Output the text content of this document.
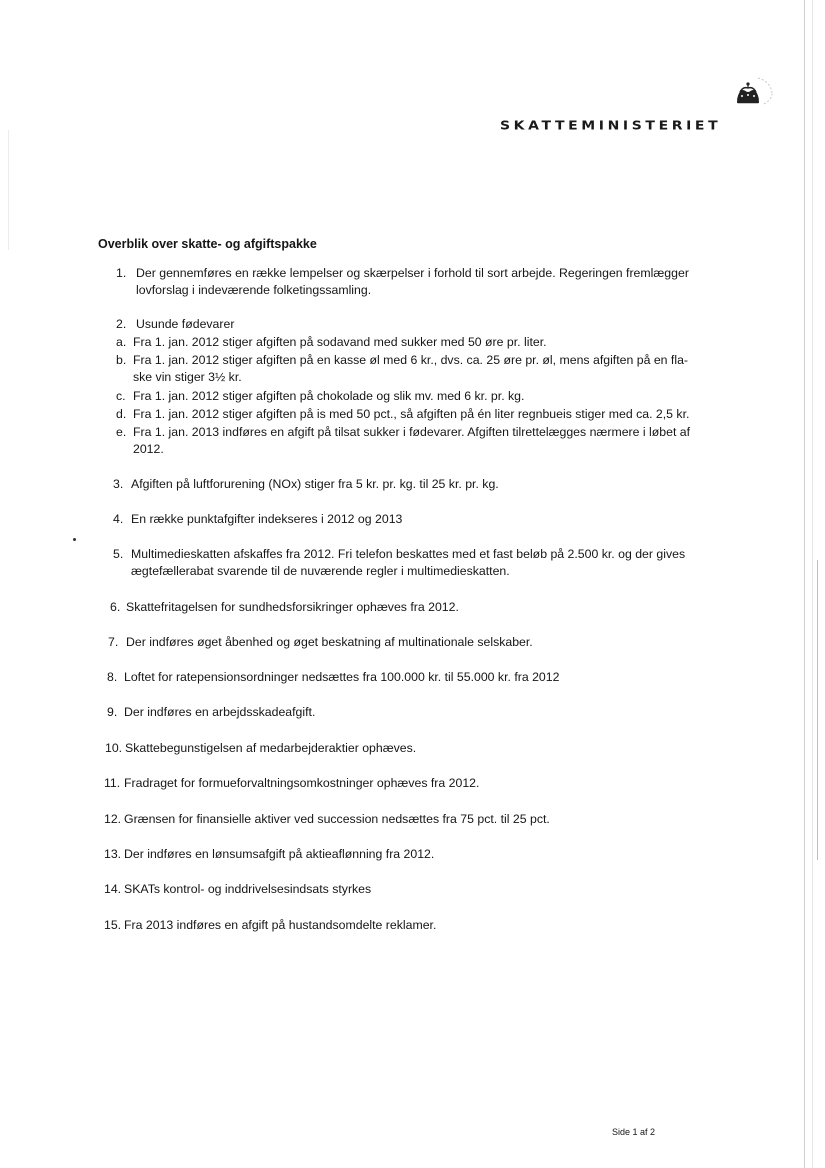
SKATTEMINISTERIET
Overblik over skatte- og afgiftspakke
1. Der gennemføres en række lempelser og skærpelser i forhold til sort arbejde. Regeringen fremlægger
lovforslag i indeværende folketingssamling.
2. Usunde fødevarer
a. Fra 1. jan. 2012 stiger afgiften på sodavand med sukker med 50 øre pr. liter.
b. Fra 1. jan. 2012 stiger afgiften på en kasse øl med 6 kr., dvs. ca. 25 øre pr. øl, mens afgiften på en fla-
ske vin stiger 3½ kr.
c. Fra 1. jan. 2012 stiger afgiften på chokolade og slik mv. med 6 kr. pr. kg.
d. Fra 1. jan. 2012 stiger afgiften på is med 50 pct., så afgiften på én liter regnbueis stiger med ca. 2,5 kr.
e. Fra 1. jan. 2013 indføres en afgift på tilsat sukker i fødevarer. Afgiften tilrettelægges nærmere i løbet af
2012.
3. Afgiften på luftforurening (NOx) stiger fra 5 kr. pr. kg. til 25 kr. pr. kg.
4. En række punktafgifter indekseres i 2012 og 2013
5. Multimedieskatten afskaffes fra 2012. Fri telefon beskattes med et fast beløb på 2.500 kr. og der gives
ægtefællerabat svarende til de nuværende regler i multimedieskatten.
6. Skattefritagelsen for sundhedsforsikringer ophæves fra 2012.
7. Der indføres øget åbenhed og øget beskatning af multinationale selskaber.
8. Loftet for ratepensionsordninger nedsættes fra 100.000 kr. til 55.000 kr. fra 2012
9. Der indføres en arbejdsskadeafgift.
10. Skattebegunstigelsen af medarbejderaktier ophæves.
11. Fradraget for formueforvaltningsomkostninger ophæves fra 2012.
12. Grænsen for finansielle aktiver ved succession nedsættes fra 75 pct. til 25 pct.
13. Der indføres en lønsumsafgift på aktieaflønning fra 2012.
14. SKATs kontrol- og inddrivelsesindsats styrkes
15. Fra 2013 indføres en afgift på hustandsomdelte reklamer.
Side 1 af 2
